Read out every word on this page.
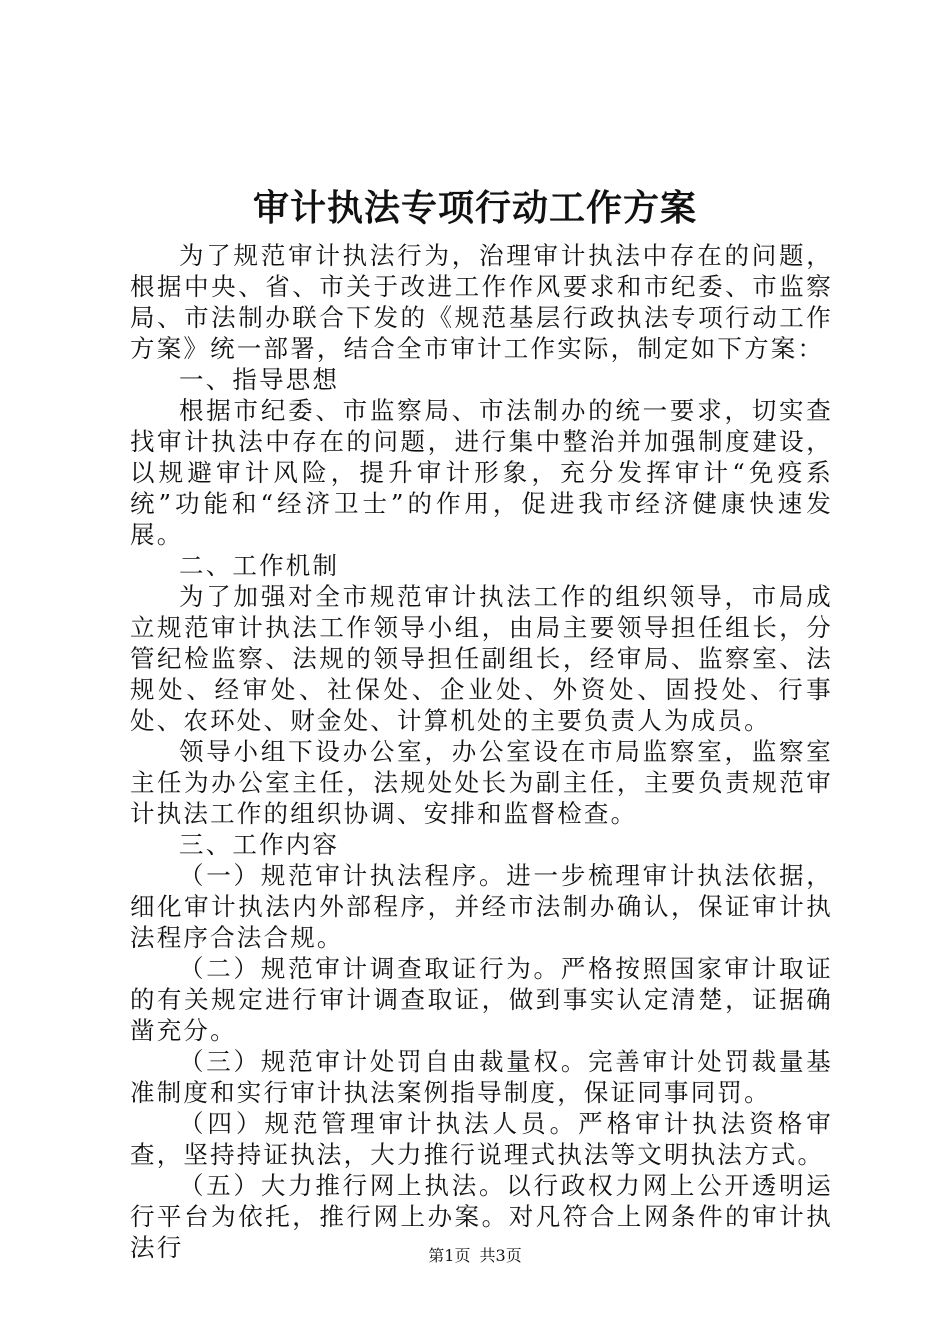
审计执法专项行动工作方案

为了规范审计执法行为，治理审计执法中存在的问题，根据中央、省、市关于改进工作作风要求和市纪委、市监察局、市法制办联合下发的《规范基层行政执法专项行动工作方案》统一部署，结合全市审计工作实际，制定如下方案：

一、指导思想

根据市纪委、市监察局、市法制办的统一要求，切实查找审计执法中存在的问题，进行集中整治并加强制度建设，以规避审计风险，提升审计形象，充分发挥审计“免疫系统”功能和“经济卫士”的作用，促进我市经济健康快速发展。

二、工作机制

为了加强对全市规范审计执法工作的组织领导，市局成立规范审计执法工作领导小组，由局主要领导担任组长，分管纪检监察、法规的领导担任副组长，经审局、监察室、法规处、经审处、社保处、企业处、外资处、固投处、行事处、农环处、财金处、计算机处的主要负责人为成员。

领导小组下设办公室，办公室设在市局监察室，监察室主任为办公室主任，法规处处长为副主任，主要负责规范审计执法工作的组织协调、安排和监督检查。

三、工作内容

（一）规范审计执法程序。进一步梳理审计执法依据，细化审计执法内外部程序，并经市法制办确认，保证审计执法程序合法合规。

（二）规范审计调查取证行为。严格按照国家审计取证的有关规定进行审计调查取证，做到事实认定清楚，证据确凿充分。

（三）规范审计处罚自由裁量权。完善审计处罚裁量基准制度和实行审计执法案例指导制度，保证同事同罚。

（四）规范管理审计执法人员。严格审计执法资格审查，坚持持证执法，大力推行说理式执法等文明执法方式。

（五）大力推行网上执法。以行政权力网上公开透明运行平台为依托，推行网上办案。对凡符合上网条件的审计执法行	第1页 共3页
